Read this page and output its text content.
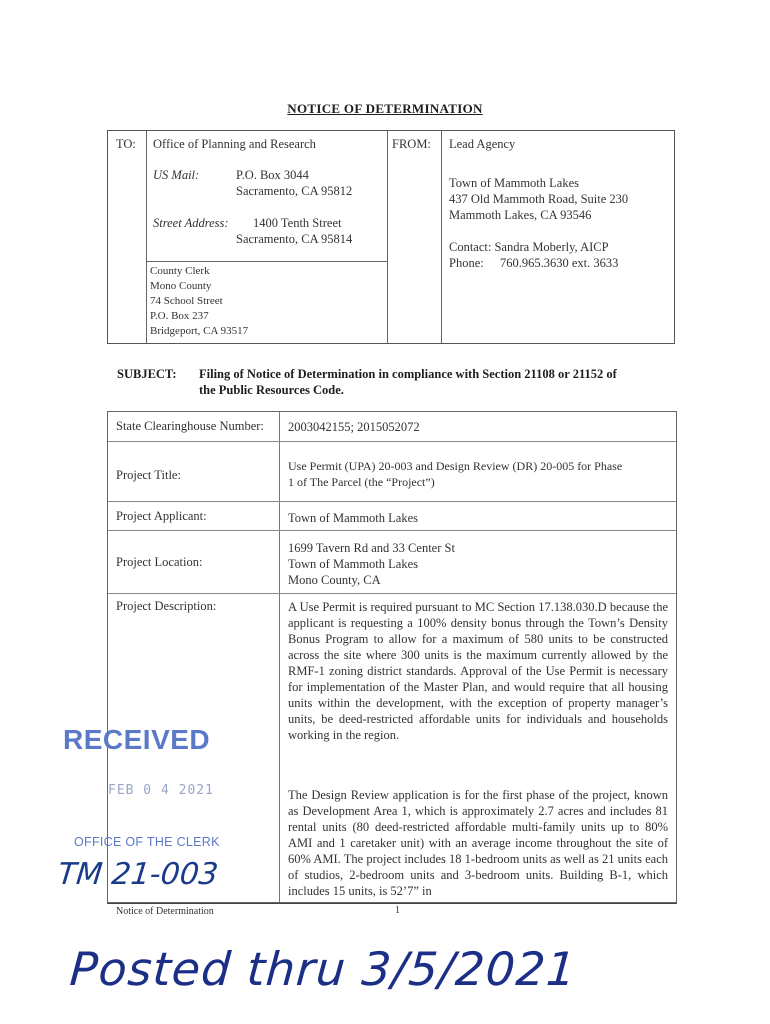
NOTICE OF DETERMINATION
TO: Office of Planning and Research
US Mail:	P.O. Box 3044
Sacramento, CA 95812
Street Address: 1400 Tenth Street
Sacramento, CA 95814
County Clerk
Mono County
74 School Street
P.O. Box 237
Bridgeport, CA 93517
FROM: Lead Agency
Town of Mammoth Lakes
437 Old Mammoth Road, Suite 230
Mammoth Lakes, CA 93546
Contact: Sandra Moberly, AICP
Phone: 760.965.3630 ext. 3633
SUBJECT: Filing of Notice of Determination in compliance with Section 21108 or 21152 of
the Public Resources Code.
State Clearinghouse Number: 2003042155; 2015052072
Project Title:
Use Permit (UPA) 20-003 and Design Review (DR) 20-005 for Phase
1 of The Parcel (the “Project”)
Project Applicant:	Town of Mammoth Lakes
Project Location:
1699 Tavern Rd and 33 Center St
Town of Mammoth Lakes
Mono County, CA
Project Description:	A Use Permit is required pursuant to MC Section 17.138.030.D because the applicant is requesting a 100% density bonus through the Town’s Density Bonus Program to allow for a maximum of 580 units to be constructed across the site where 300 units is the maximum currently allowed by the RMF-1 zoning district standards. Approval of the Use Permit is necessary for implementation of the Master Plan, and would require that all housing units within the development, with the exception of property manager’s units, be deed-restricted affordable units for individuals and households working in the region.
The Design Review application is for the first phase of the project, known as Development Area 1, which is approximately 2.7 acres and includes 81 rental units (80 deed-restricted affordable multi-family units up to 80% AMI and 1 caretaker unit) with an average income throughout the site of 60% AMI. The project includes 18 1-bedroom units as well as 21 units each of studios, 2-bedroom units and 3-bedroom units. Building B-1, which includes 15 units, is 52’7” in
Notice of Determination	1
RECEIVED
FEB 0 4 2021
OFFICE OF THE CLERK
TM 21-003
Posted thru 3/5/2021
